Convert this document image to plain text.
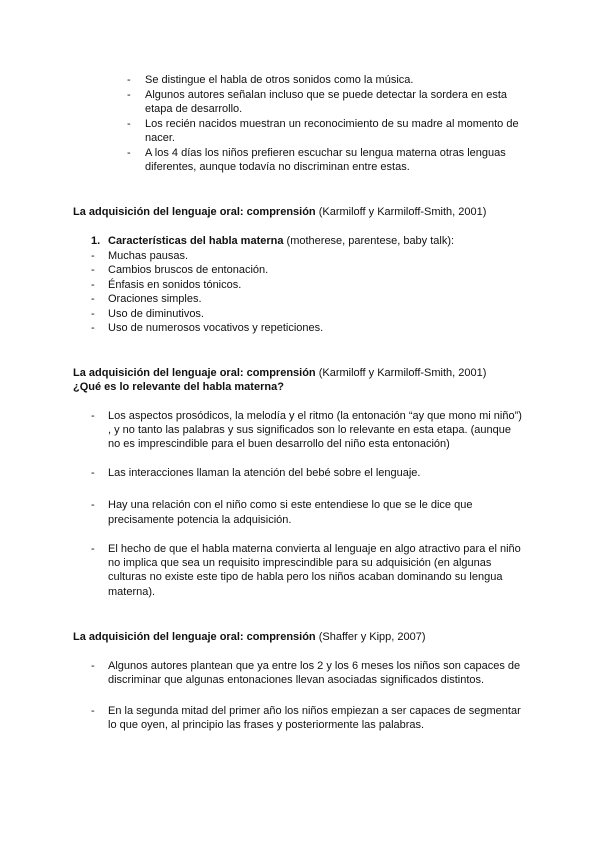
- Se distingue el habla de otros sonidos como la música.
- Algunos autores señalan incluso que se puede detectar la sordera en esta
etapa de desarrollo.
- Los recién nacidos muestran un reconocimiento de su madre al momento de
nacer.
- A los 4 días los niños prefieren escuchar su lengua materna otras lenguas
diferentes, aunque todavía no discriminan entre estas.
La adquisición del lenguaje oral: comprensión (Karmiloff y Karmiloff-Smith, 2001)
1. Características del habla materna (motherese, parentese, baby talk):
- Muchas pausas.
- Cambios bruscos de entonación.
- Énfasis en sonidos tónicos.
- Oraciones simples.
- Uso de diminutivos.
- Uso de numerosos vocativos y repeticiones.
La adquisición del lenguaje oral: comprensión (Karmiloff y Karmiloff-Smith, 2001)
¿Qué es lo relevante del habla materna?
- Los aspectos prosódicos, la melodía y el ritmo (la entonación “ay que mono mi niño”)
, y no tanto las palabras y sus significados son lo relevante en esta etapa. (aunque
no es imprescindible para el buen desarrollo del niño esta entonación)
- Las interacciones llaman la atención del bebé sobre el lenguaje.
- Hay una relación con el niño como si este entendiese lo que se le dice que
precisamente potencia la adquisición.
- El hecho de que el habla materna convierta al lenguaje en algo atractivo para el niño
no implica que sea un requisito imprescindible para su adquisición (en algunas
culturas no existe este tipo de habla pero los niños acaban dominando su lengua
materna).
La adquisición del lenguaje oral: comprensión (Shaffer y Kipp, 2007)
- Algunos autores plantean que ya entre los 2 y los 6 meses los niños son capaces de
discriminar que algunas entonaciones llevan asociadas significados distintos.
- En la segunda mitad del primer año los niños empiezan a ser capaces de segmentar
lo que oyen, al principio las frases y posteriormente las palabras.
